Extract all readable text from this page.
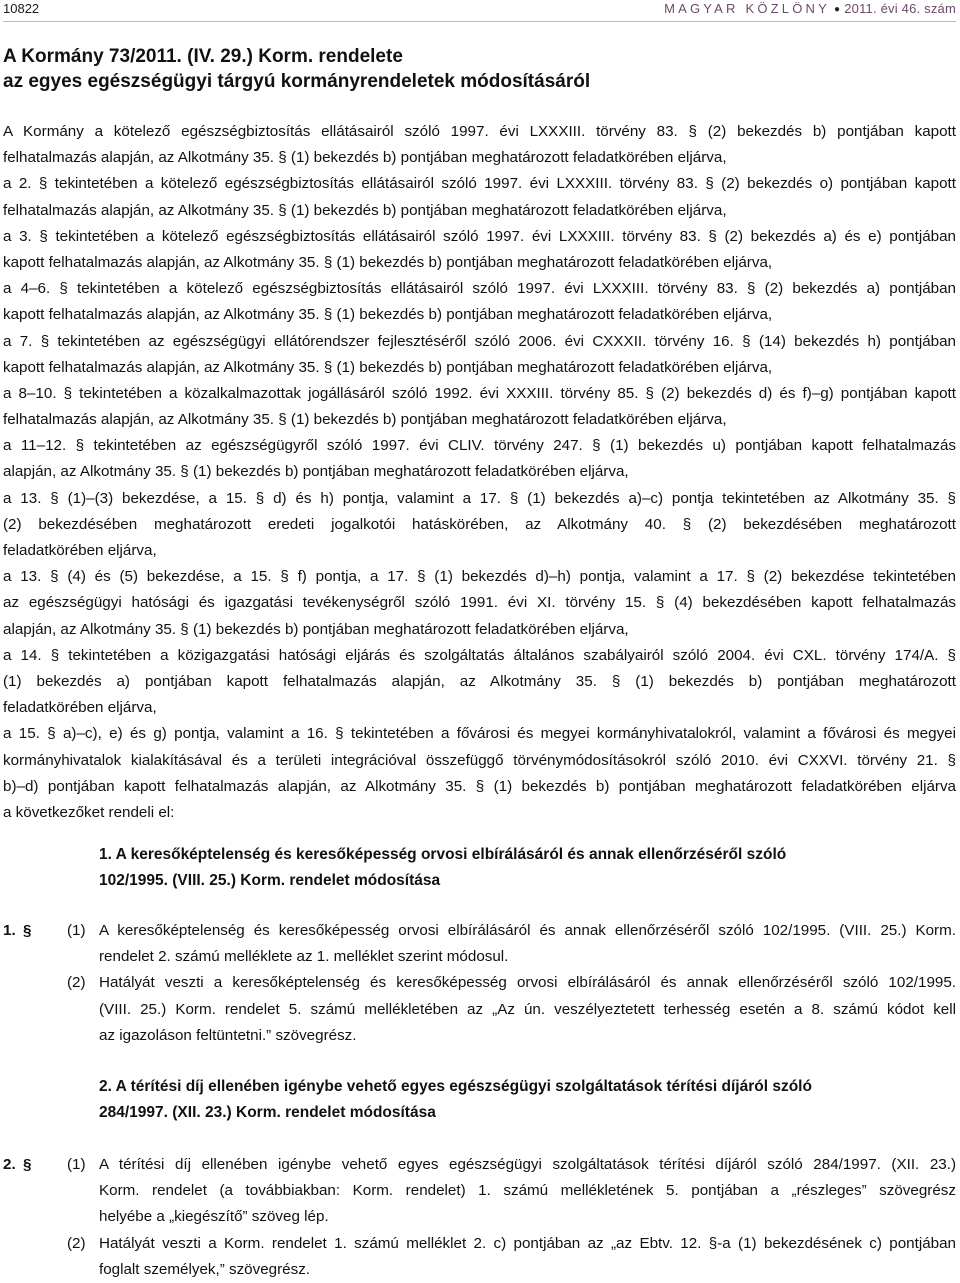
10822	MAGYAR KÖZLÖNY ● 2011. évi 46. szám
A Kormány 73/2011. (IV. 29.) Korm. rendelete
az egyes egészségügyi tárgyú kormányrendeletek módosításáról
A Kormány a kötelező egészségbiztosítás ellátásairól szóló 1997. évi LXXXIII. törvény 83. § (2) bekezdés b) pontjában kapott
felhatalmazás alapján, az Alkotmány 35. § (1) bekezdés b) pontjában meghatározott feladatkörében eljárva,
a 2. § tekintetében a kötelező egészségbiztosítás ellátásairól szóló 1997. évi LXXXIII. törvény 83. § (2) bekezdés o) pontjában kapott
felhatalmazás alapján, az Alkotmány 35. § (1) bekezdés b) pontjában meghatározott feladatkörében eljárva,
a 3. § tekintetében a kötelező egészségbiztosítás ellátásairól szóló 1997. évi LXXXIII. törvény 83. § (2) bekezdés a) és e) pontjában
kapott felhatalmazás alapján, az Alkotmány 35. § (1) bekezdés b) pontjában meghatározott feladatkörében eljárva,
a 4–6. § tekintetében a kötelező egészségbiztosítás ellátásairól szóló 1997. évi LXXXIII. törvény 83. § (2) bekezdés a) pontjában
kapott felhatalmazás alapján, az Alkotmány 35. § (1) bekezdés b) pontjában meghatározott feladatkörében eljárva,
a 7. § tekintetében az egészségügyi ellátórendszer fejlesztéséről szóló 2006. évi CXXXII. törvény 16. § (14) bekezdés h) pontjában
kapott felhatalmazás alapján, az Alkotmány 35. § (1) bekezdés b) pontjában meghatározott feladatkörében eljárva,
a 8–10. § tekintetében a közalkalmazottak jogállásáról szóló 1992. évi XXXIII. törvény 85. § (2) bekezdés d) és f)–g) pontjában kapott
felhatalmazás alapján, az Alkotmány 35. § (1) bekezdés b) pontjában meghatározott feladatkörében eljárva,
a 11–12. § tekintetében az egészségügyről szóló 1997. évi CLIV. törvény 247. § (1) bekezdés u) pontjában kapott felhatalmazás
alapján, az Alkotmány 35. § (1) bekezdés b) pontjában meghatározott feladatkörében eljárva,
a 13. § (1)–(3) bekezdése, a 15. § d) és h) pontja, valamint a 17. § (1) bekezdés a)–c) pontja tekintetében az Alkotmány 35. §
(2) bekezdésében meghatározott eredeti jogalkotói hatáskörében, az Alkotmány 40. § (2) bekezdésében meghatározott
feladatkörében eljárva,
a 13. § (4) és (5) bekezdése, a 15. § f) pontja, a 17. § (1) bekezdés d)–h) pontja, valamint a 17. § (2) bekezdése tekintetében
az egészségügyi hatósági és igazgatási tevékenységről szóló 1991. évi XI. törvény 15. § (4) bekezdésében kapott felhatalmazás
alapján, az Alkotmány 35. § (1) bekezdés b) pontjában meghatározott feladatkörében eljárva,
a 14. § tekintetében a közigazgatási hatósági eljárás és szolgáltatás általános szabályairól szóló 2004. évi CXL. törvény 174/A. §
(1) bekezdés a) pontjában kapott felhatalmazás alapján, az Alkotmány 35. § (1) bekezdés b) pontjában meghatározott
feladatkörében eljárva,
a 15. § a)–c), e) és g) pontja, valamint a 16. § tekintetében a fővárosi és megyei kormányhivatalokról, valamint a fővárosi és megyei
kormányhivatalok kialakításával és a területi integrációval összefüggő törvénymódosításokról szóló 2010. évi CXXVI. törvény 21. §
b)–d) pontjában kapott felhatalmazás alapján, az Alkotmány 35. § (1) bekezdés b) pontjában meghatározott feladatkörében eljárva
a következőket rendeli el:
1. A keresőképtelenség és keresőképesség orvosi elbírálásáról és annak ellenőrzéséről szóló
102/1995. (VIII. 25.) Korm. rendelet módosítása
1. § (1) A keresőképtelenség és keresőképesség orvosi elbírálásáról és annak ellenőrzéséről szóló 102/1995. (VIII. 25.) Korm.
rendelet 2. számú melléklete az 1. melléklet szerint módosul.
(2) Hatályát veszti a keresőképtelenség és keresőképesség orvosi elbírálásáról és annak ellenőrzéséről szóló 102/1995.
(VIII. 25.) Korm. rendelet 5. számú mellékletében az „Az ún. veszélyeztetett terhesség esetén a 8. számú kódot kell
az igazoláson feltüntetni.” szövegrész.
2. A térítési díj ellenében igénybe vehető egyes egészségügyi szolgáltatások térítési díjáról szóló
284/1997. (XII. 23.) Korm. rendelet módosítása
2. § (1) A térítési díj ellenében igénybe vehető egyes egészségügyi szolgáltatások térítési díjáról szóló 284/1997. (XII. 23.)
Korm. rendelet (a továbbiakban: Korm. rendelet) 1. számú mellékletének 5. pontjában a „részleges” szövegrész
helyébe a „kiegészítő” szöveg lép.
(2) Hatályát veszti a Korm. rendelet 1. számú melléklet 2. c) pontjában az „az Ebtv. 12. §-a (1) bekezdésének c) pontjában
foglalt személyek,” szövegrész.
